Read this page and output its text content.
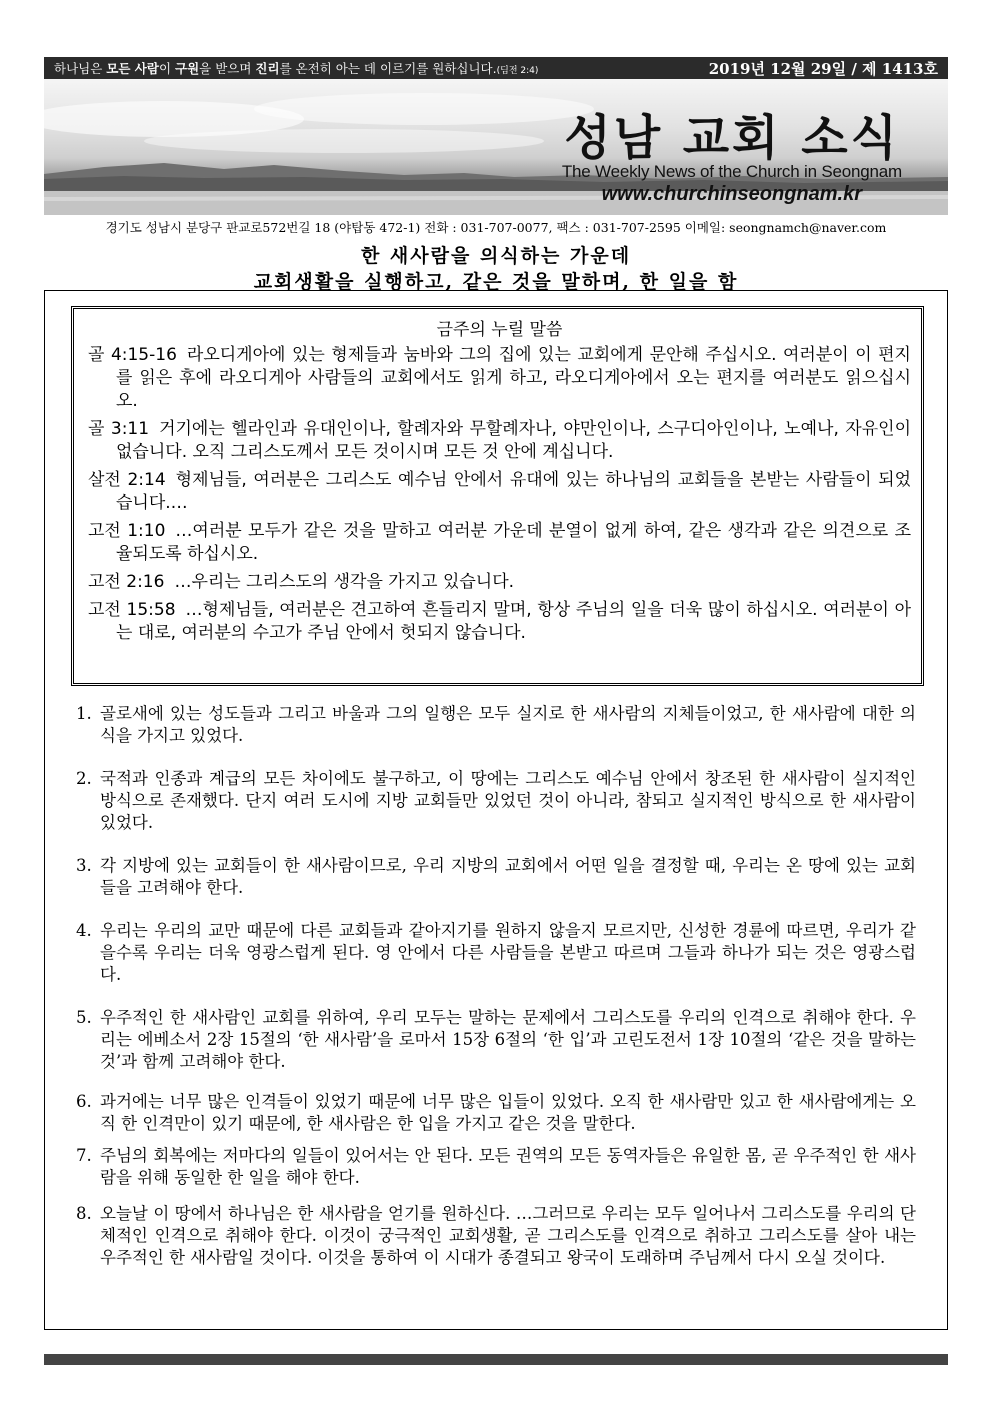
하나님은 모든 사람이 구원을 받으며 진리를 온전히 아는 데 이르기를 원하십니다.(딤전 2:4)	2019년 12월 29일 / 제 1413호
성남 교회 소식
The Weekly News of the Church in Seongnam
www.churchinseongnam.kr
경기도 성남시 분당구 판교로572번길 18 (야탑동 472-1) 전화 : 031-707-0077, 팩스 : 031-707-2595 이메일: seongnamch@naver.com
한 새사람을 의식하는 가운데
교회생활을 실행하고, 같은 것을 말하며, 한 일을 함
금주의 누릴 말씀
골 4:15-16 라오디게아에 있는 형제들과 눔바와 그의 집에 있는 교회에게 문안해 주십시오. 여러분이 이 편지를 읽은 후에 라오디게아 사람들의 교회에서도 읽게 하고, 라오디게아에서 오는 편지를 여러분도 읽으십시오.
골 3:11 거기에는 헬라인과 유대인이나, 할례자와 무할례자나, 야만인이나, 스구디아인이나, 노예나, 자유인이 없습니다. 오직 그리스도께서 모든 것이시며 모든 것 안에 계십니다.
살전 2:14 형제님들, 여러분은 그리스도 예수님 안에서 유대에 있는 하나님의 교회들을 본받는 사람들이 되었습니다.…
고전 1:10 …여러분 모두가 같은 것을 말하고 여러분 가운데 분열이 없게 하여, 같은 생각과 같은 의견으로 조율되도록 하십시오.
고전 2:16 …우리는 그리스도의 생각을 가지고 있습니다.
고전 15:58 …형제님들, 여러분은 견고하여 흔들리지 말며, 항상 주님의 일을 더욱 많이 하십시오. 여러분이 아는 대로, 여러분의 수고가 주님 안에서 헛되지 않습니다.
1. 골로새에 있는 성도들과 그리고 바울과 그의 일행은 모두 실지로 한 새사람의 지체들이었고, 한 새사람에 대한 의식을 가지고 있었다.
2. 국적과 인종과 계급의 모든 차이에도 불구하고, 이 땅에는 그리스도 예수님 안에서 창조된 한 새사람이 실지적인 방식으로 존재했다. 단지 여러 도시에 지방 교회들만 있었던 것이 아니라, 참되고 실지적인 방식으로 한 새사람이 있었다.
3. 각 지방에 있는 교회들이 한 새사람이므로, 우리 지방의 교회에서 어떤 일을 결정할 때, 우리는 온 땅에 있는 교회들을 고려해야 한다.
4. 우리는 우리의 교만 때문에 다른 교회들과 같아지기를 원하지 않을지 모르지만, 신성한 경륜에 따르면, 우리가 같을수록 우리는 더욱 영광스럽게 된다. 영 안에서 다른 사람들을 본받고 따르며 그들과 하나가 되는 것은 영광스럽다.
5. 우주적인 한 새사람인 교회를 위하여, 우리 모두는 말하는 문제에서 그리스도를 우리의 인격으로 취해야 한다. 우리는 에베소서 2장 15절의 ‘한 새사람’을 로마서 15장 6절의 ‘한 입’과 고린도전서 1장 10절의 ‘같은 것을 말하는 것’과 함께 고려해야 한다.
6. 과거에는 너무 많은 인격들이 있었기 때문에 너무 많은 입들이 있었다. 오직 한 새사람만 있고 한 새사람에게는 오직 한 인격만이 있기 때문에, 한 새사람은 한 입을 가지고 같은 것을 말한다.
7. 주님의 회복에는 저마다의 일들이 있어서는 안 된다. 모든 권역의 모든 동역자들은 유일한 몸, 곧 우주적인 한 새사람을 위해 동일한 한 일을 해야 한다.
8. 오늘날 이 땅에서 하나님은 한 새사람을 얻기를 원하신다. …그러므로 우리는 모두 일어나서 그리스도를 우리의 단체적인 인격으로 취해야 한다. 이것이 궁극적인 교회생활, 곧 그리스도를 인격으로 취하고 그리스도를 살아 내는 우주적인 한 새사람일 것이다. 이것을 통하여 이 시대가 종결되고 왕국이 도래하며 주님께서 다시 오실 것이다.
